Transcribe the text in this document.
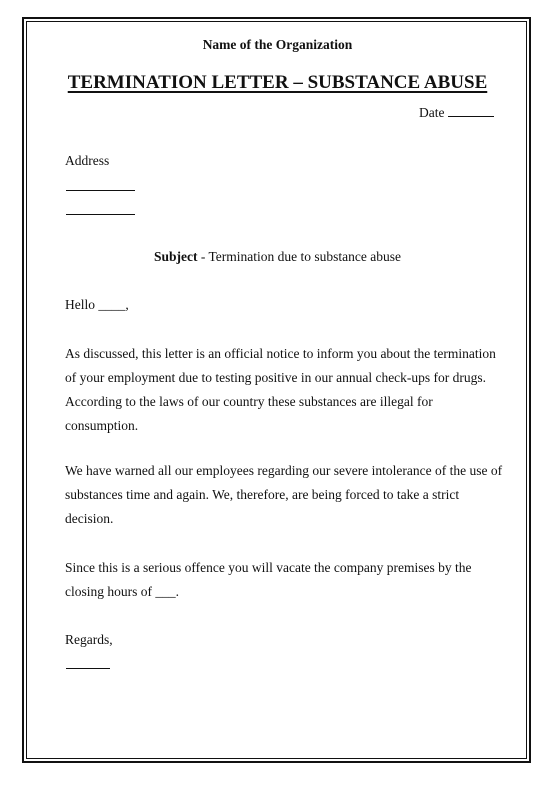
Name of the Organization
TERMINATION LETTER – SUBSTANCE ABUSE
Date
Address
Subject - Termination due to substance abuse
Hello ____,
As discussed, this letter is an official notice to inform you about the termination
of your employment due to testing positive in our annual check-ups for drugs.
According to the laws of our country these substances are illegal for
consumption.
We have warned all our employees regarding our severe intolerance of the use of
substances time and again. We, therefore, are being forced to take a strict
decision.
Since this is a serious offence you will vacate the company premises by the
closing hours of ___.
Regards,
